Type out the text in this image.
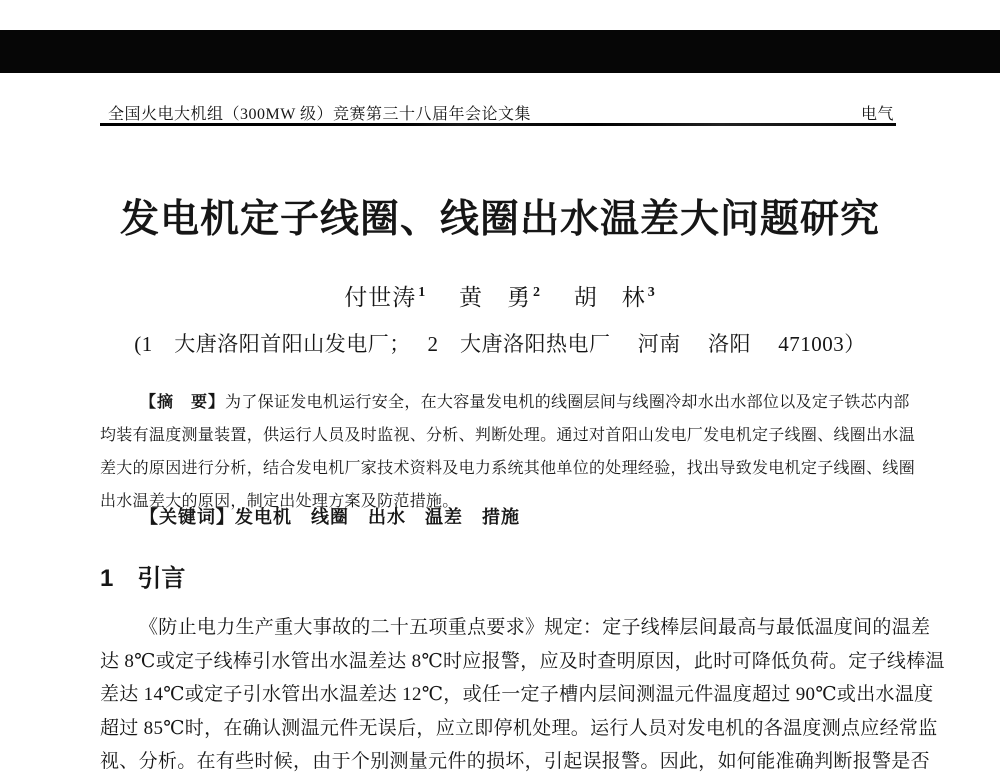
全国火电大机组（300MW 级）竞赛第三十八届年会论文集	电气
发电机定子线圈、线圈出水温差大问题研究
付世涛 $^1$ 黄　勇 $^2$ 胡　林 $^3$
(1　大唐洛阳首阳山发电厂；　 2　大唐洛阳热电厂　 河南　 洛阳　 471003）
【摘　要】为了保证发电机运行安全，在大容量发电机的线圈层间与线圈冷却水出水部位以及定子铁芯内部
均装有温度测量装置，供运行人员及时监视、分析、判断处理。通过对首阳山发电厂发电机定子线圈、线圈出水温
差大的原因进行分析，结合发电机厂家技术资料及电力系统其他单位的处理经验，找出导致发电机定子线圈、线圈
出水温差大的原因，制定出处理方案及防范措施。
【关键词】发电机　线圈　出水　温差　措施
1 引言
《防止电力生产重大事故的二十五项重点要求》规定：定子线棒层间最高与最低温度间的温差
达 8℃或定子线棒引水管出水温差达 8℃时应报警，应及时查明原因，此时可降低负荷。定子线棒温
差达 14℃或定子引水管出水温差达 12℃，或任一定子槽内层间测温元件温度超过 90℃或出水温度
超过 85℃时，在确认测温元件无误后，应立即停机处理。运行人员对发电机的各温度测点应经常监
视、分析。在有些时候，由于个别测量元件的损坏，引起误报警。因此，如何能准确判断报警是否
